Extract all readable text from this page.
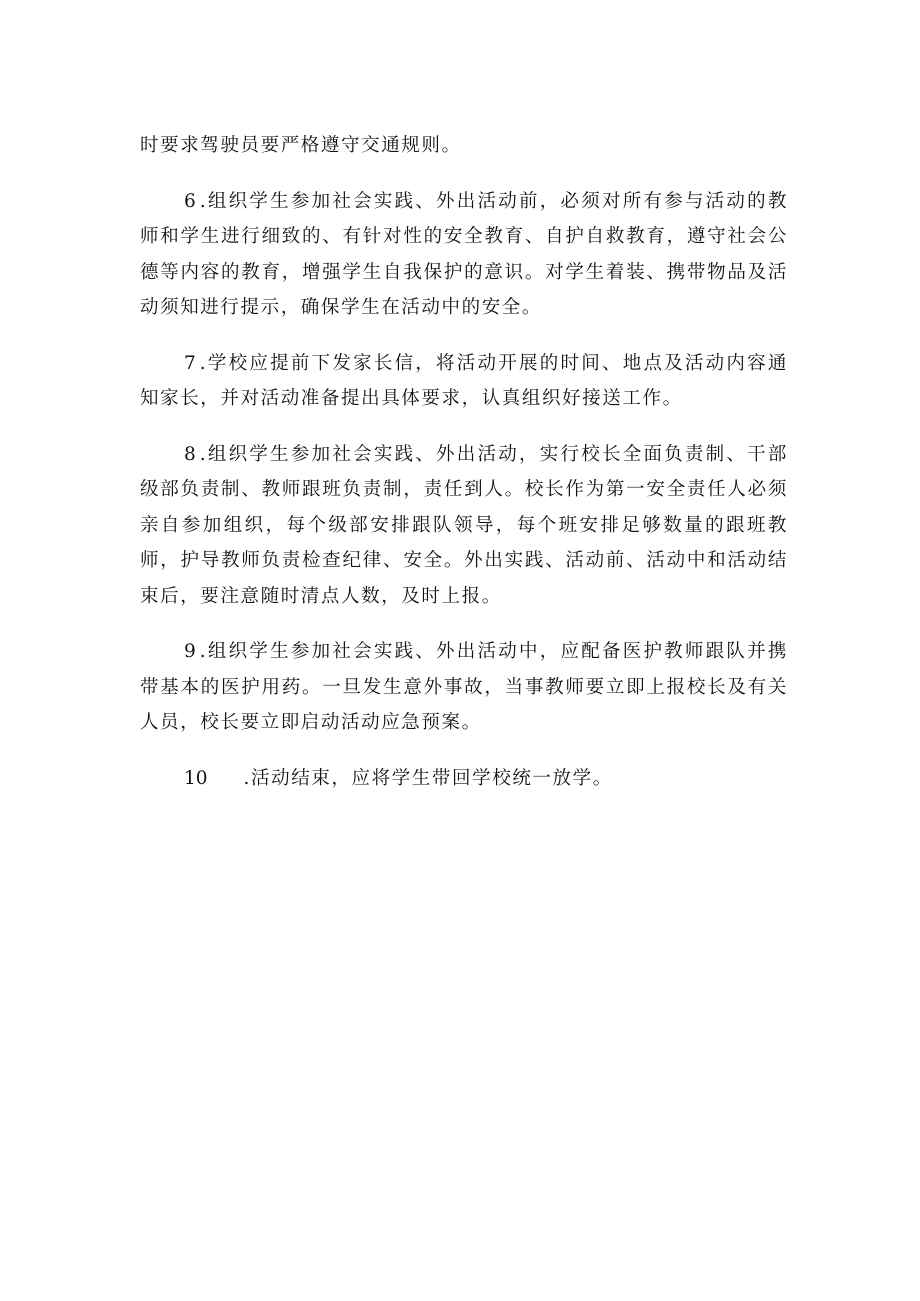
时要求驾驶员要严格遵守交通规则。

6 .组织学生参加社会实践、外出活动前，必须对所有参与活动的教师和学生进行细致的、有针对性的安全教育、自护自救教育，遵守社会公德等内容的教育，增强学生自我保护的意识。对学生着装、携带物品及活动须知进行提示，确保学生在活动中的安全。

7 .学校应提前下发家长信，将活动开展的时间、地点及活动内容通知家长，并对活动准备提出具体要求，认真组织好接送工作。

8 .组织学生参加社会实践、外出活动，实行校长全面负责制、干部级部负责制、教师跟班负责制，责任到人。校长作为第一安全责任人必须亲自参加组织，每个级部安排跟队领导，每个班安排足够数量的跟班教师，护导教师负责检查纪律、安全。外出实践、活动前、活动中和活动结束后，要注意随时清点人数，及时上报。

9 .组织学生参加社会实践、外出活动中，应配备医护教师跟队并携带基本的医护用药。一旦发生意外事故，当事教师要立即上报校长及有关人员，校长要立即启动活动应急预案。

10 .活动结束，应将学生带回学校统一放学。
